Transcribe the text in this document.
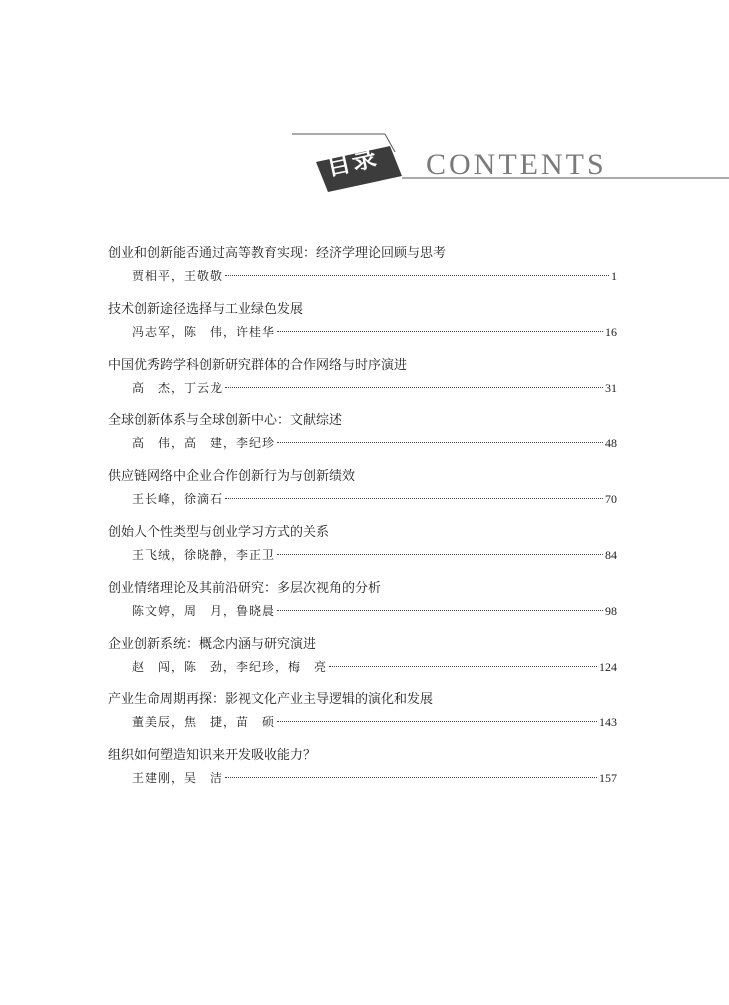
目录 CONTENTS
创业和创新能否通过高等教育实现：经济学理论回顾与思考
贾相平，王敬敬	1
技术创新途径选择与工业绿色发展
冯志军，陈　伟，许桂华	16
中国优秀跨学科创新研究群体的合作网络与时序演进
高　杰，丁云龙	31
全球创新体系与全球创新中心：文献综述
高　伟，高　建，李纪珍	48
供应链网络中企业合作创新行为与创新绩效
王长峰，徐滴石	70
创始人个性类型与创业学习方式的关系
王飞绒，徐晓静，李正卫	84
创业情绪理论及其前沿研究：多层次视角的分析
陈文婷，周　月，鲁晓晨	98
企业创新系统：概念内涵与研究演进
赵　闯，陈　劲，李纪珍，梅　亮	124
产业生命周期再探：影视文化产业主导逻辑的演化和发展
董美辰，焦　捷，苗　硕	143
组织如何塑造知识来开发吸收能力？
王建刚，吴　洁	157
